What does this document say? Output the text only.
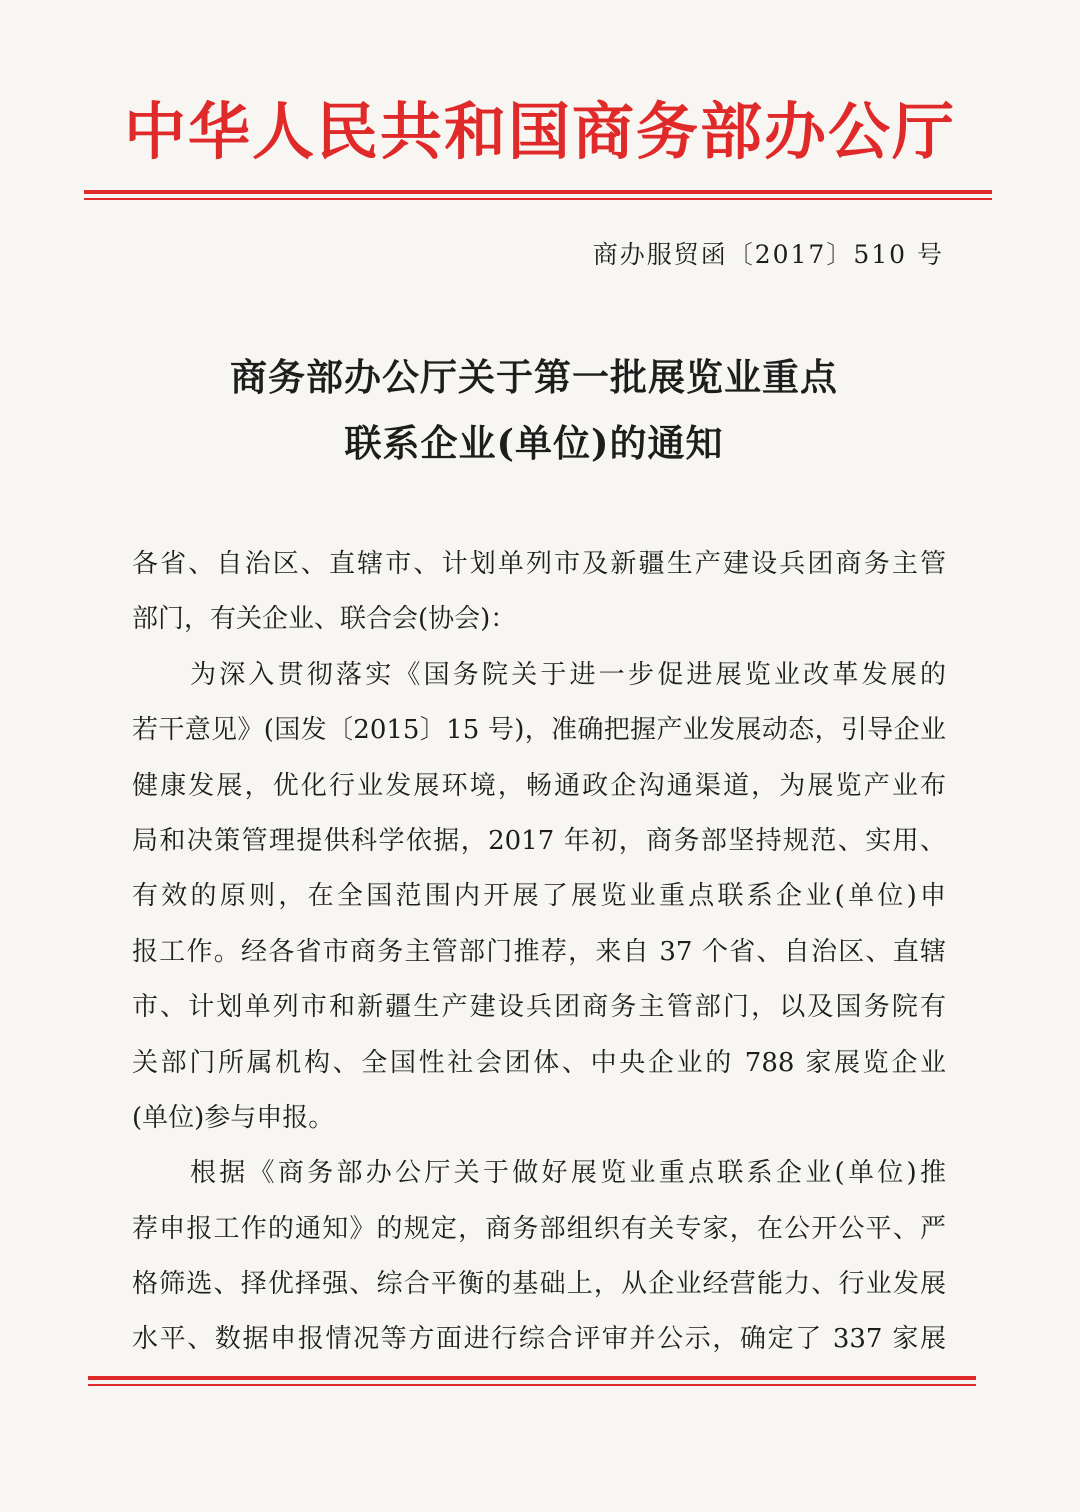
中华人民共和国商务部办公厅
商办服贸函〔2017〕510 号
商务部办公厅关于第一批展览业重点
联系企业(单位)的通知
各省、自治区、直辖市、计划单列市及新疆生产建设兵团商务主管
部门，有关企业、联合会(协会)：
为深入贯彻落实《国务院关于进一步促进展览业改革发展的
若干意见》(国发〔2015〕15 号)，准确把握产业发展动态，引导企业
健康发展，优化行业发展环境，畅通政企沟通渠道，为展览产业布
局和决策管理提供科学依据，2017 年初，商务部坚持规范、实用、
有效的原则，在全国范围内开展了展览业重点联系企业(单位)申
报工作。经各省市商务主管部门推荐，来自 37 个省、自治区、直辖
市、计划单列市和新疆生产建设兵团商务主管部门，以及国务院有
关部门所属机构、全国性社会团体、中央企业的 788 家展览企业
(单位)参与申报。
根据《商务部办公厅关于做好展览业重点联系企业(单位)推
荐申报工作的通知》的规定，商务部组织有关专家，在公开公平、严
格筛选、择优择强、综合平衡的基础上，从企业经营能力、行业发展
水平、数据申报情况等方面进行综合评审并公示，确定了 337 家展
